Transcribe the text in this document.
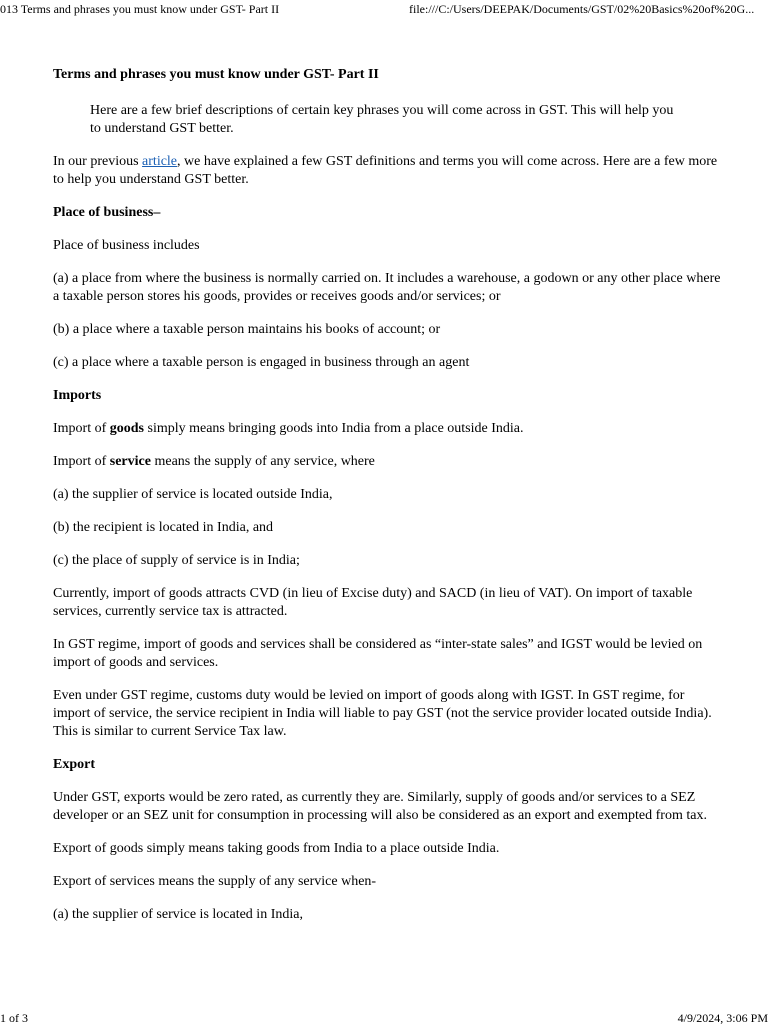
013 Terms and phrases you must know under GST- Part II	file:///C:/Users/DEEPAK/Documents/GST/02%20Basics%20of%20G...
Terms and phrases you must know under GST- Part II

Here are a few brief descriptions of certain key phrases you will come across in GST. This will help you to understand GST better.

In our previous article, we have explained a few GST definitions and terms you will come across. Here are a few more to help you understand GST better.

Place of business–

Place of business includes

(a) a place from where the business is normally carried on. It includes a warehouse, a godown or any other place where a taxable person stores his goods, provides or receives goods and/or services; or

(b) a place where a taxable person maintains his books of account; or

(c) a place where a taxable person is engaged in business through an agent

Imports

Import of goods simply means bringing goods into India from a place outside India.

Import of service means the supply of any service, where

(a) the supplier of service is located outside India,

(b) the recipient is located in India, and

(c) the place of supply of service is in India;

Currently, import of goods attracts CVD (in lieu of Excise duty) and SACD (in lieu of VAT). On import of taxable services, currently service tax is attracted.

In GST regime, import of goods and services shall be considered as “inter-state sales” and IGST would be levied on import of goods and services.

Even under GST regime, customs duty would be levied on import of goods along with IGST. In GST regime, for import of service, the service recipient in India will liable to pay GST (not the service provider located outside India). This is similar to current Service Tax law.

Export

Under GST, exports would be zero rated, as currently they are. Similarly, supply of goods and/or services to a SEZ developer or an SEZ unit for consumption in processing will also be considered as an export and exempted from tax.

Export of goods simply means taking goods from India to a place outside India.

Export of services means the supply of any service when-

(a) the supplier of service is located in India,

1 of 3	4/9/2024, 3:06 PM
